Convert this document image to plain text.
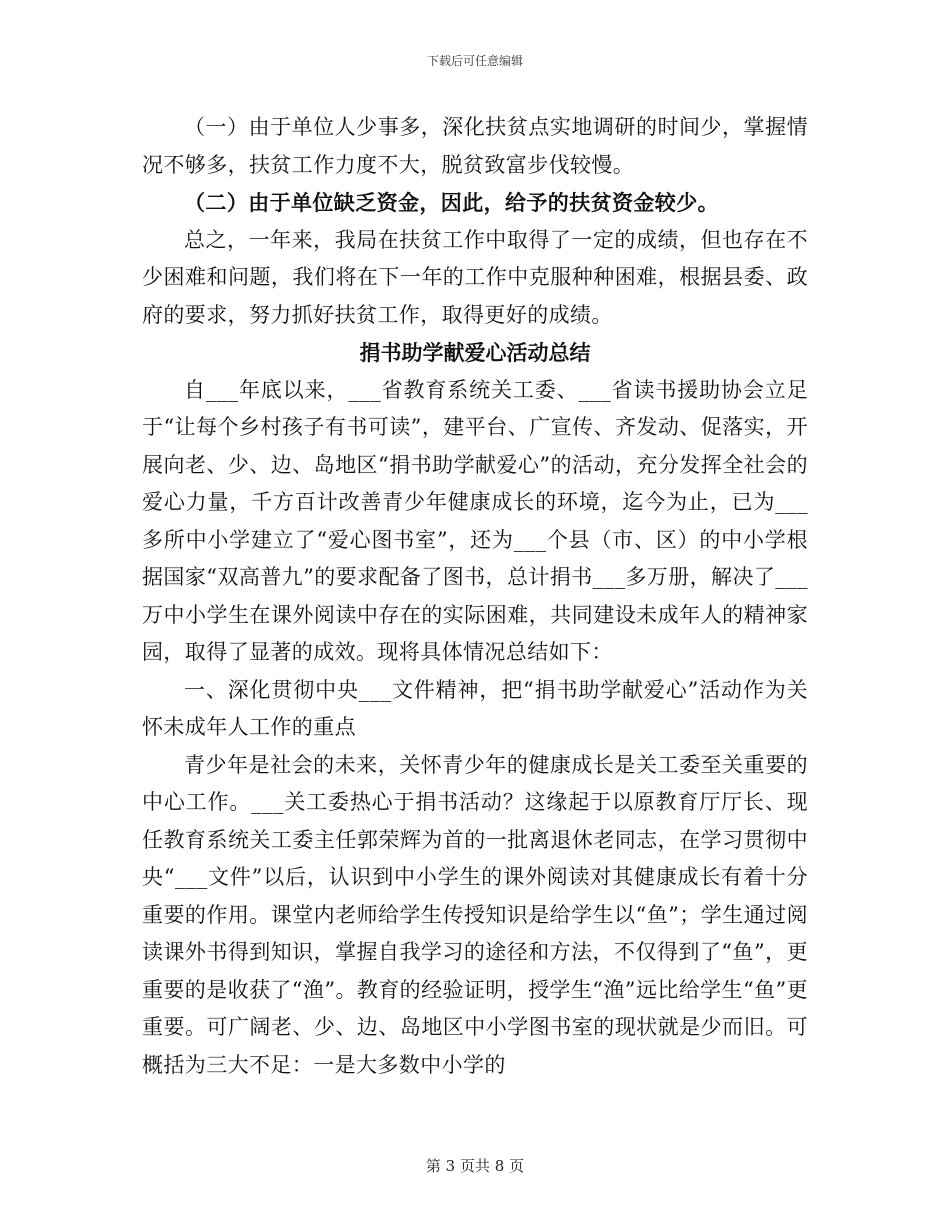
下载后可任意编辑

（一）由于单位人少事多，深化扶贫点实地调研的时间少，掌握情况不够多，扶贫工作力度不大，脱贫致富步伐较慢。

（二）由于单位缺乏资金，因此，给予的扶贫资金较少。

总之，一年来，我局在扶贫工作中取得了一定的成绩，但也存在不少困难和问题，我们将在下一年的工作中克服种种困难，根据县委、政府的要求，努力抓好扶贫工作，取得更好的成绩。

捐书助学献爱心活动总结

自___年底以来，___省教育系统关工委、___省读书援助协会立足于“让每个乡村孩子有书可读”，建平台、广宣传、齐发动、促落实，开展向老、少、边、岛地区“捐书助学献爱心”的活动，充分发挥全社会的爱心力量，千方百计改善青少年健康成长的环境，迄今为止，已为___多所中小学建立了“爱心图书室”，还为___个县（市、区）的中小学根据国家“双高普九”的要求配备了图书，总计捐书___多万册，解决了___万中小学生在课外阅读中存在的实际困难，共同建设未成年人的精神家园，取得了显著的成效。现将具体情况总结如下：

一、深化贯彻中央___文件精神，把“捐书助学献爱心”活动作为关怀未成年人工作的重点

青少年是社会的未来，关怀青少年的健康成长是关工委至关重要的中心工作。___关工委热心于捐书活动？这缘起于以原教育厅厅长、现任教育系统关工委主任郭荣辉为首的一批离退休老同志，在学习贯彻中央“___文件”以后，认识到中小学生的课外阅读对其健康成长有着十分重要的作用。课堂内老师给学生传授知识是给学生以“鱼”；学生通过阅读课外书得到知识，掌握自我学习的途径和方法，不仅得到了“鱼”，更重要的是收获了“渔”。教育的经验证明，授学生“渔”远比给学生“鱼”更重要。可广阔老、少、边、岛地区中小学图书室的现状就是少而旧。可概括为三大不足：一是大多数中小学的

第 3 页共 8 页
